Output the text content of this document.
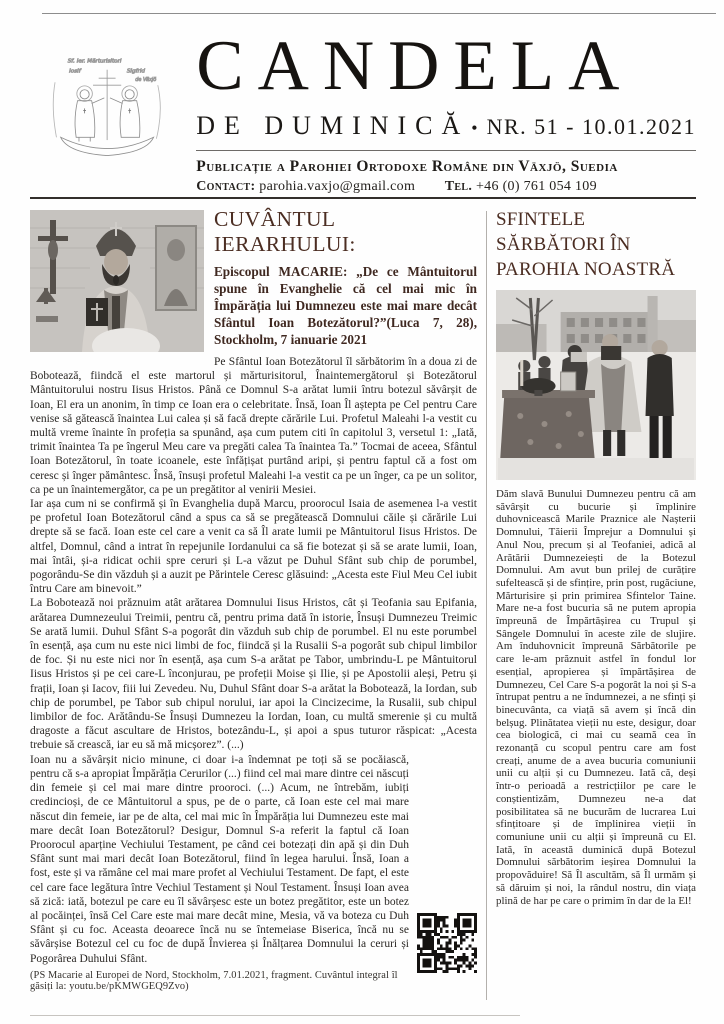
Sf. Ier. Mărturisitori
Iosif	Sigfrid
de Växjö CANDELA
DE DUMINICĂ • NR. 51 - 10.01.2021
Publicație a Parohiei Ortodoxe Române din Växjö, Suedia
Contact: parohia.vaxjo@gmail.com Tel. +46 (0) 761 054 109
CUVÂNTUL IERARHULUI:

Episcopul MACARIE: „De ce Mântuitorul spune în Evanghelie că cel mai mic în Împărăția lui Dumnezeu este mai mare decât Sfântul Ioan Botezătorul?”(Luca 7, 28), Stockholm, 7 ianuarie 2021

Pe Sfântul Ioan Botezătorul îl sărbătorim în a doua zi de Bobotează, fiindcă el este martorul și mărturisitorul, Înaintemergătorul și Botezătorul Mântuitorului nostru Iisus Hristos. Până ce Domnul S-a arătat lumii întru botezul săvârșit de Ioan, El era un anonim, în timp ce Ioan era o celebritate. Însă, Ioan Îl aștepta pe Cel pentru Care venise să gătească înaintea Lui calea și să facă drepte cărările Lui. Profetul Maleahi l-a vestit cu multă vreme înainte în profeția sa spunând, așa cum putem citi în capitolul 3, versetul 1: „Iată, trimit înaintea Ta pe îngerul Meu care va pregăti calea Ta înaintea Ta.” Tocmai de aceea, Sfântul Ioan Botezătorul, în toate icoanele, este înfățișat purtând aripi, și pentru faptul că a fost om ceresc și înger pământesc. Însă, însuși profetul Maleahi l-a vestit ca pe un înger, ca pe un solitor, ca pe un înaintemergător, ca pe un pregătitor al venirii Mesiei.

Iar așa cum ni se confirmă și în Evanghelia după Marcu, proorocul Isaia de asemenea l-a vestit pe profetul Ioan Botezătorul când a spus ca să se pregătească Domnului căile și cărările Lui drepte să se facă. Ioan este cel care a venit ca să Îl arate lumii pe Mântuitorul Iisus Hristos. De altfel, Domnul, când a intrat în repejunile Iordanului ca să fie botezat și să se arate lumii, Ioan, mai întâi, și-a ridicat ochii spre ceruri și L-a văzut pe Duhul Sfânt sub chip de porumbel, pogorându-Se din văzduh și a auzit pe Părintele Ceresc glăsuind: „Acesta este Fiul Meu Cel iubit întru Care am binevoit.”

La Bobotează noi prăznuim atât arătarea Domnului Iisus Hristos, cât și Teofania sau Epifania, arătarea Dumnezeului Treimii, pentru că, pentru prima dată în istorie, Însuși Dumnezeu Treimic Se arată lumii. Duhul Sfânt S-a pogorât din văzduh sub chip de porumbel. El nu este porumbel în esență, așa cum nu este nici limbi de foc, fiindcă și la Rusalii S-a pogorât sub chipul limbilor de foc. Și nu este nici nor în esență, așa cum S-a arătat pe Tabor, umbrindu-L pe Mântuitorul Iisus Hristos și pe cei care-L înconjurau, pe profeții Moise și Ilie, și pe Apostolii aleși, Petru și frații, Ioan și Iacov, fiii lui Zevedeu. Nu, Duhul Sfânt doar S-a arătat la Bobotează, la Iordan, sub chip de porumbel, pe Tabor sub chipul norului, iar apoi la Cincizecime, la Rusalii, sub chipul limbilor de foc. Arătându-Se Însuși Dumnezeu la Iordan, Ioan, cu multă smerenie și cu multă dragoste a făcut ascultare de Hristos, botezându-L, și apoi a spus tuturor răspicat: „Acesta trebuie să crească, iar eu să mă micșorez”. (...)

Ioan nu a săvârșit nicio minune, ci doar i-a îndemnat pe toți să se pocăiască, pentru că s-a apropiat Împărăția Cerurilor (...) fiind cel mai mare dintre cei născuți din femeie și cel mai mare dintre prooroci. (...) Acum, ne întrebăm, iubiți credincioși, de ce Mântuitorul a spus, pe de o parte, că Ioan este cel mai mare născut din femeie, iar pe de alta, cel mai mic în Împărăția lui Dumnezeu este mai mare decât Ioan Botezătorul? Desigur, Domnul S-a referit la faptul că Ioan Proorocul aparține Vechiului Testament, pe când cei botezați din apă și din Duh Sfânt sunt mai mari decât Ioan Botezătorul, fiind în legea harului. Însă, Ioan a fost, este și va rămâne cel mai mare profet al Vechiului Testament. De fapt, el este cel care face legătura între Vechiul Testament și Noul Testament. Însuși Ioan avea să zică: iată, botezul pe care eu îl săvârșesc este un botez pregătitor, este un botez al pocăinței, însă Cel Care este mai mare decât mine, Mesia, vă va boteza cu Duh Sfânt și cu foc. Aceasta deoarece încă nu se întemeiase Biserica, încă nu se săvârșise Botezul cel cu foc de după Învierea și Înălțarea Domnului la ceruri și Pogorârea Duhului Sfânt.

(PS Macarie al Europei de Nord, Stockholm, 7.01.2021, fragment. Cuvântul integral îl găsiți la: youtu.be/pKMWGEQ9Zvo)

SFINTELE SĂRBĂTORI ÎN PAROHIA NOASTRĂ

Dăm slavă Bunului Dumnezeu pentru că am săvârșit cu bucurie și împlinire duhovnicească Marile Praznice ale Nașterii Domnului, Tăierii Împrejur a Domnului și Anul Nou, precum și al Teofaniei, adică al Arătării Dumnezeiești de la Botezul Domnului. Am avut bun prilej de curățire sufeltească și de sfințire, prin post, rugăciune, Mărturisire și prin primirea Sfintelor Taine. Mare ne-a fost bucuria să ne putem apropia împreună de Împărtășirea cu Trupul și Sângele Domnului în aceste zile de slujire. Am înduhovnicit împreună Sărbătorile pe care le-am prăznuit astfel în fondul lor esențial, apropierea și împărtășirea de Dumnezeu, Cel Care S-a pogorât la noi și S-a întrupat pentru a ne îndumnezei, a ne sfinți și binecuvânta, ca viață să avem și încă din belșug. Plinătatea vieții nu este, desigur, doar cea biologică, ci mai cu seamă cea în rezonanță cu scopul pentru care am fost creați, anume de a avea bucuria comuniunii unii cu alții și cu Dumnezeu. Iată că, deși într-o perioadă a restricțiilor pe care le conștientizăm, Dumnezeu ne-a dat posibilitatea să ne bucurăm de lucrarea Lui sfințitoare și de împlinirea vieții în comuniune unii cu alții și împreună cu El. Iată, în această duminică după Botezul Domnului sărbătorim ieșirea Domnului la propovăduire! Să Îl ascultăm, să Îl urmăm și să dăruim și noi, la rândul nostru, din viața plină de har pe care o primim în dar de la El!
